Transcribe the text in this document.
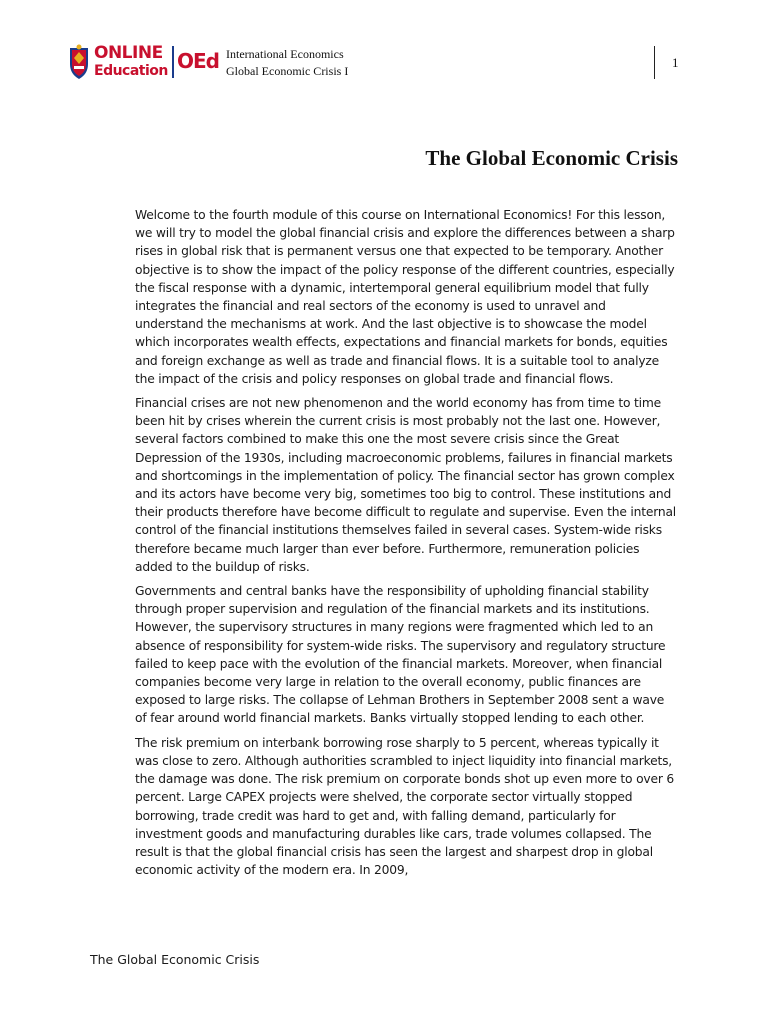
ONLINE
Education OEd International Economics
Global Economic Crisis I
1
The Global Economic Crisis

Welcome to the fourth module of this course on International Economics! For this lesson, we will try to model the global financial crisis and explore the differences between a sharp rises in global risk that is permanent versus one that expected to be temporary. Another objective is to show the impact of the policy response of the different countries, especially the fiscal response with a dynamic, intertemporal general equilibrium model that fully integrates the financial and real sectors of the economy is used to unravel and understand the mechanisms at work. And the last objective is to showcase the model which incorporates wealth effects, expectations and financial markets for bonds, equities and foreign exchange as well as trade and financial flows. It is a suitable tool to analyze the impact of the crisis and policy responses on global trade and financial flows.

Financial crises are not new phenomenon and the world economy has from time to time been hit by crises wherein the current crisis is most probably not the last one. However, several factors combined to make this one the most severe crisis since the Great Depression of the 1930s, including macroeconomic problems, failures in financial markets and shortcomings in the implementation of policy. The financial sector has grown complex and its actors have become very big, sometimes too big to control. These institutions and their products therefore have become difficult to regulate and supervise. Even the internal control of the financial institutions themselves failed in several cases. System-wide risks therefore became much larger than ever before. Furthermore, remuneration policies added to the buildup of risks.

Governments and central banks have the responsibility of upholding financial stability through proper supervision and regulation of the financial markets and its institutions. However, the supervisory structures in many regions were fragmented which led to an absence of responsibility for system-wide risks. The supervisory and regulatory structure failed to keep pace with the evolution of the financial markets. Moreover, when financial companies become very large in relation to the overall economy, public finances are exposed to large risks. The collapse of Lehman Brothers in September 2008 sent a wave of fear around world financial markets. Banks virtually stopped lending to each other.

The risk premium on interbank borrowing rose sharply to 5 percent, whereas typically it was close to zero. Although authorities scrambled to inject liquidity into financial markets, the damage was done. The risk premium on corporate bonds shot up even more to over 6 percent. Large CAPEX projects were shelved, the corporate sector virtually stopped borrowing, trade credit was hard to get and, with falling demand, particularly for investment goods and manufacturing durables like cars, trade volumes collapsed. The result is that the global financial crisis has seen the largest and sharpest drop in global economic activity of the modern era. In 2009,

The Global Economic Crisis
